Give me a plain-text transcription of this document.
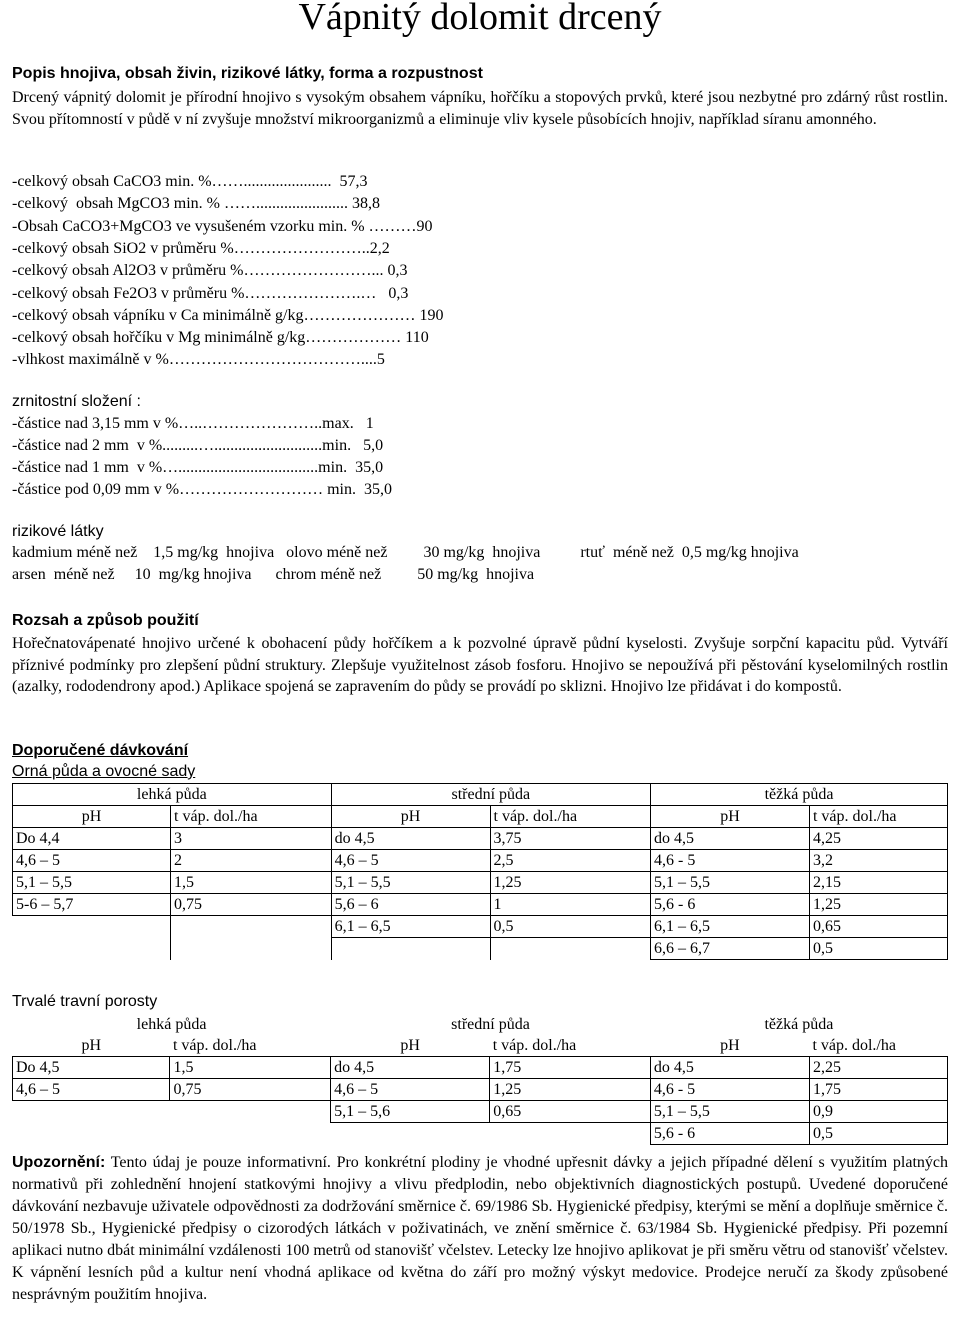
Vápnitý dolomit drcený
Popis hnojiva, obsah živin, rizikové látky, forma a rozpustnost
Drcený vápnitý dolomit je přírodní hnojivo s vysokým obsahem vápníku, hořčíku a stopových prvků, které jsou nezbytné pro zdárný růst rostlin. Svou přítomností v půdě v ní zvyšuje množství mikroorganizmů a eliminuje vliv kysele působících hnojiv, například síranu amonného.
-celkový obsah CaCO3 min. %……......................  57,3
-celkový  obsah MgCO3 min. % ……....................... 38,8
-Obsah CaCO3+MgCO3 ve vysušeném vzorku min. % ………90
-celkový obsah SiO2 v průměru %……………………..2,2
-celkový obsah Al2O3 v průměru %……………………... 0,3
-celkový obsah Fe2O3 v průměru %………………….…   0,3
-celkový obsah vápníku v Ca minimálně g/kg………………… 190
-celkový obsah hořčíku v Mg minimálně g/kg……………… 110
-vlhkost maximálně v %………………………………....5
zrnitostní složení :
-částice nad 3,15 mm v %…..…………………..max.   1
-částice nad 2 mm  v %.........…...........................min.   5,0
-částice nad 1 mm  v %…...................................min.  35,0
-částice pod 0,09 mm v %……………………… min.  35,0
rizikové látky
kadmium méně než    1,5 mg/kg  hnojiva   olovo méně než         30 mg/kg  hnojiva          rtuť  méně než  0,5 mg/kg hnojiva
arsen  méně než     10  mg/kg hnojiva      chrom méně než         50 mg/kg  hnojiva
Rozsah a způsob použití
Hořečnatovápenaté hnojivo určené k obohacení půdy hořčíkem a k pozvolné úpravě půdní kyselosti. Zvyšuje sorpční kapacitu půd. Vytváří příznivé podmínky pro zlepšení půdní struktury. Zlepšuje využitelnost zásob fosforu. Hnojivo se nepoužívá při pěstování kyselomilných rostlin (azalky, rododendrony apod.) Aplikace spojená se zapravením do půdy se provádí po sklizni. Hnojivo lze přidávat i do kompostů.
Doporučené dávkování
Orná půda a ovocné sady
lehká půda		střední půda		těžká půda	
pH	t váp. dol./ha	pH	t váp. dol./ha	pH	t váp. dol./ha
Do 4,4	3	do 4,5	3,75	do 4,5	4,25
4,6 – 5	2	4,6 – 5	2,5	4,6 - 5	3,2
5,1 – 5,5	1,5	5,1 – 5,5	1,25	5,1 – 5,5	2,15
5-6 – 5,7	0,75	5,6 – 6	1	5,6 - 6	1,25
		6,1 – 6,5	0,5	6,1 – 6,5	0,65
				6,6 – 6,7	0,5
Trvalé travní porosty
lehká půda		střední půda		těžká půda	
pH	t váp. dol./ha	pH	t váp. dol./ha	pH	t váp. dol./ha
Do 4,5	1,5	do 4,5	1,75	do 4,5	2,25
4,6 – 5	0,75	4,6 – 5	1,25	4,6 - 5	1,75
		5,1 – 5,6	0,65	5,1 – 5,5	0,9
				5,6 - 6	0,5
Upozornění: Tento údaj je pouze informativní. Pro konkrétní plodiny je vhodné upřesnit dávky a jejich případné dělení s využitím platných normativů při zohlednění hnojení statkovými hnojivy a vlivu předplodin, nebo objektivních diagnostických postupů. Uvedené doporučené dávkování nezbavuje uživatele odpovědnosti za dodržování směrnice č. 69/1986 Sb. Hygienické předpisy, kterými se mění a doplňuje směrnice č. 50/1978 Sb., Hygienické předpisy o cizorodých látkách v poživatinách, ve znění směrnice č. 63/1984 Sb. Hygienické předpisy. Při pozemní aplikaci nutno dbát minimální vzdálenosti 100 metrů od stanovišť včelstev. Letecky lze hnojivo aplikovat je při směru větru od stanovišť včelstev. K vápnění lesních půd a kultur není vhodná aplikace od května do září pro možný výskyt medovice. Prodejce neručí za škody způsobené nesprávným použitím hnojiva.
